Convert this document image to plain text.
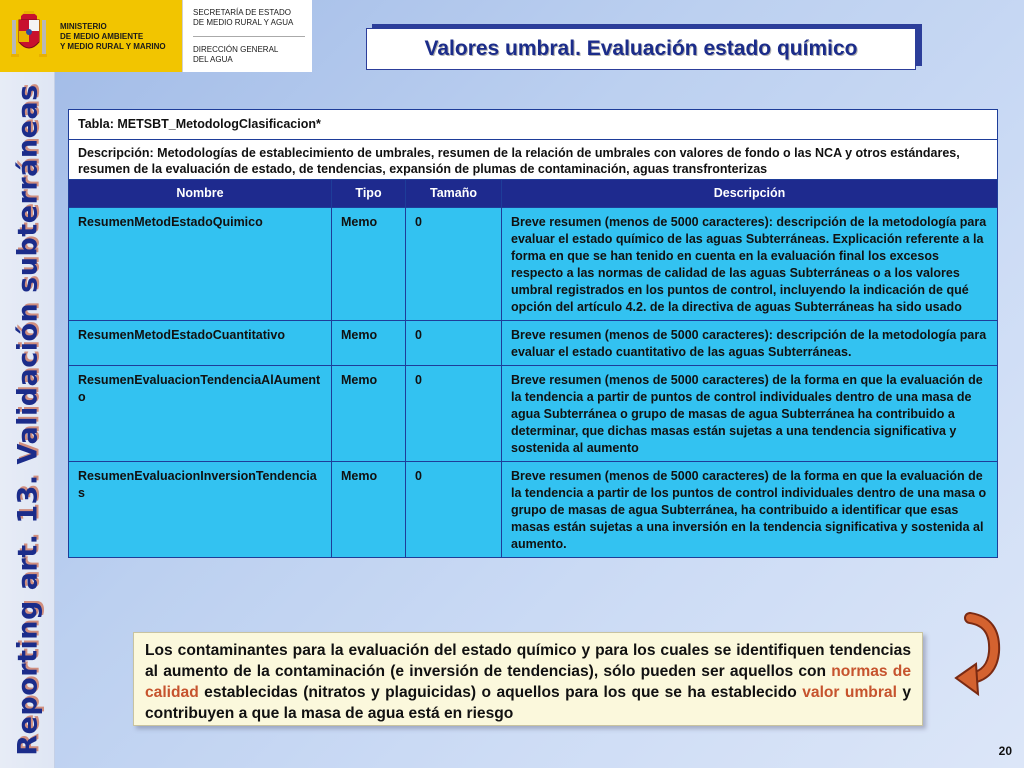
Reporting art. 13. Validación subterráneas
MINISTERIO
DE MEDIO AMBIENTE
Y MEDIO RURAL Y MARINO
SECRETARÍA DE ESTADO
DE MEDIO RURAL Y AGUA
DIRECCIÓN GENERAL
DEL AGUA	Valores umbral. Evaluación estado químico
Tabla: METSBT_MetodologClasificacion*			
Descripción: Metodologías de establecimiento de umbrales, resumen de la relación de umbrales con valores de fondo o las NCA y otros estándares, resumen de la evaluación de estado, de tendencias, expansión de plumas de contaminación, aguas transfronterizas			
Nombre	Tipo	Tamaño	Descripción
ResumenMetodEstadoQuimico	Memo	0	Breve resumen (menos de 5000 caracteres): descripción de la metodología para evaluar el estado químico de las aguas Subterráneas. Explicación referente a la forma en que se han tenido en cuenta en la evaluación final los excesos respecto a las normas de calidad de las aguas Subterráneas o a los valores umbral registrados en los puntos de control, incluyendo la indicación de qué opción del artículo 4.2. de la directiva de aguas Subterráneas ha sido usado
ResumenMetodEstadoCuantitativo	Memo	0	Breve resumen (menos de 5000 caracteres): descripción de la metodología para evaluar el estado cuantitativo de las aguas Subterráneas.
ResumenEvaluacionTendenciaAlAumento	Memo	0	Breve resumen (menos de 5000 caracteres) de la forma en que la evaluación de la tendencia a partir de puntos de control individuales dentro de una masa de agua Subterránea o grupo de masas de agua Subterránea ha contribuido a determinar, que dichas masas están sujetas a una tendencia significativa y sostenida al aumento
ResumenEvaluacionInversionTendencias	Memo	0	Breve resumen (menos de 5000 caracteres) de la forma en que la evaluación de la tendencia a partir de los puntos de control individuales dentro de una masa o grupo de masas de agua Subterránea, ha contribuido a identificar que esas masas están sujetas a una inversión en la tendencia significativa y sostenida al aumento.
Los contaminantes para la evaluación del estado químico y para los cuales se identifiquen tendencias al aumento de la contaminación (e inversión de tendencias), sólo pueden ser aquellos con normas de calidad establecidas (nitratos y plaguicidas) o aquellos para los que se ha establecido valor umbral y contribuyen a que la masa de agua está en riesgo
20
